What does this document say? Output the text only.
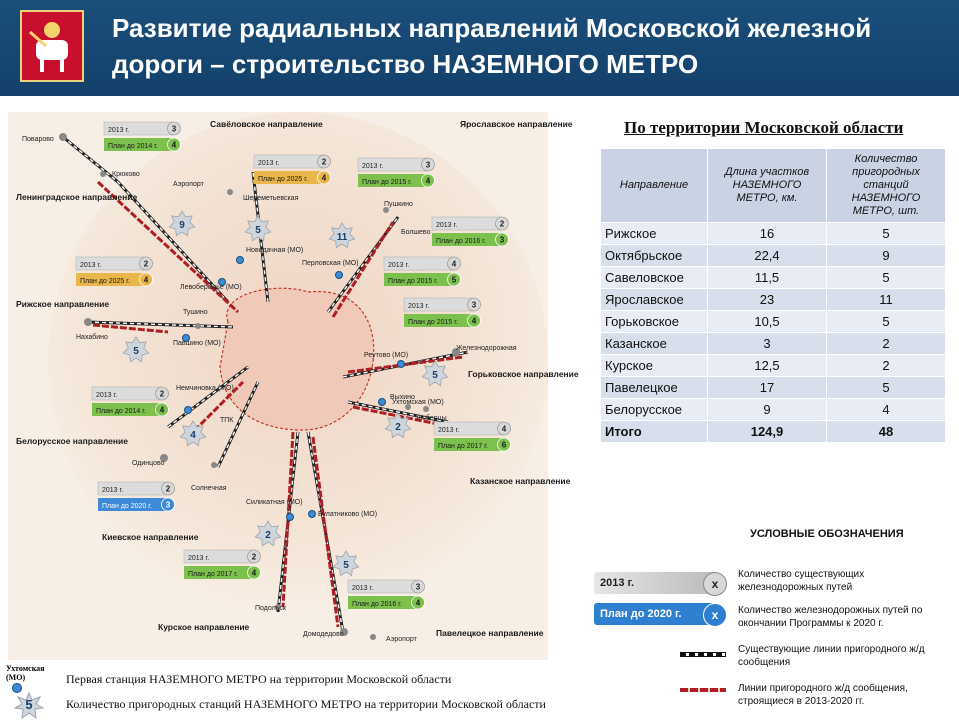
Развитие радиальных направлений Московской железной дороги – строительство НАЗЕМНОГО МЕТРО
Савёловское направление	Ярославское направление
Ленинградское направление
Рижское направление
Белорусское направление
Горьковское направление
Казанское направление
Киевское направление
Курское направление
Павелецкое направление
Поварово
Крюково
Аэропорт
Шереметьевская
Новодачная (МО)
Левобережье (МО)
Тушино
Павшино (МО)
Нахабино
Перловская (МО)
Пушкино
Болшево
Реутово (МО)
Железнодорожная
Выхино
Ухтомская (МО)
Люберцы
Немчиновка (МО)
Одинцово
ТПК
Солнечная
Силикатная (МО)
Булатниково (МО)
Подольск
Домодедово
Аэропорт
2013 г.	3
План до 2014 г. 4
2013 г.	2
План до 2025 г. 4
2013 г.	3
План до 2015 г. 4
2013 г.	2
План до 2016 г. 3
2013 г.	2
План до 2025 г. 4
2013 г.	4
План до 2015 г. 5
2013 г.	3
План до 2015 г. 4
2013 г.	2
План до 2014 г. 4
2013 г.	4
План до 2017 г. 6
2013 г.	2
План до 2020 г. 3
2013 г.	2
План до 2017 г. 4
2013 г.	3
План до 2016 г. 4
9	5
11
5
5
4
2
2
5
По территории Московской области
Направление	Длина участков НАЗЕМНОГО МЕТРО, км.	Количество пригородных станций НАЗЕМНОГО МЕТРО, шт.
Рижское	16	5
Октябрьское	22,4	9
Савеловское	11,5	5
Ярославское	23	11
Горьковское	10,5	5
Казанское	3	2
Курское	12,5	2
Павелецкое	17	5
Белорусское	9	4
Итого	124,9	48
УСЛОВНЫЕ ОБОЗНАЧЕНИЯ
2013 г.	x
Количество существующих железнодорожных путей
План до 2020 г.	x	Количество железнодорожных путей по окончании Программы к 2020 г.
Существующие линии пригородного ж/д сообщения
Линии пригородного ж/д сообщения, строящиеся в 2013-2020 гг.
Ухтомская (МО)	Первая станция НАЗЕМНОГО МЕТРО на территории Московской области
5	Количество пригородных станций НАЗЕМНОГО МЕТРО на территории Московской области
